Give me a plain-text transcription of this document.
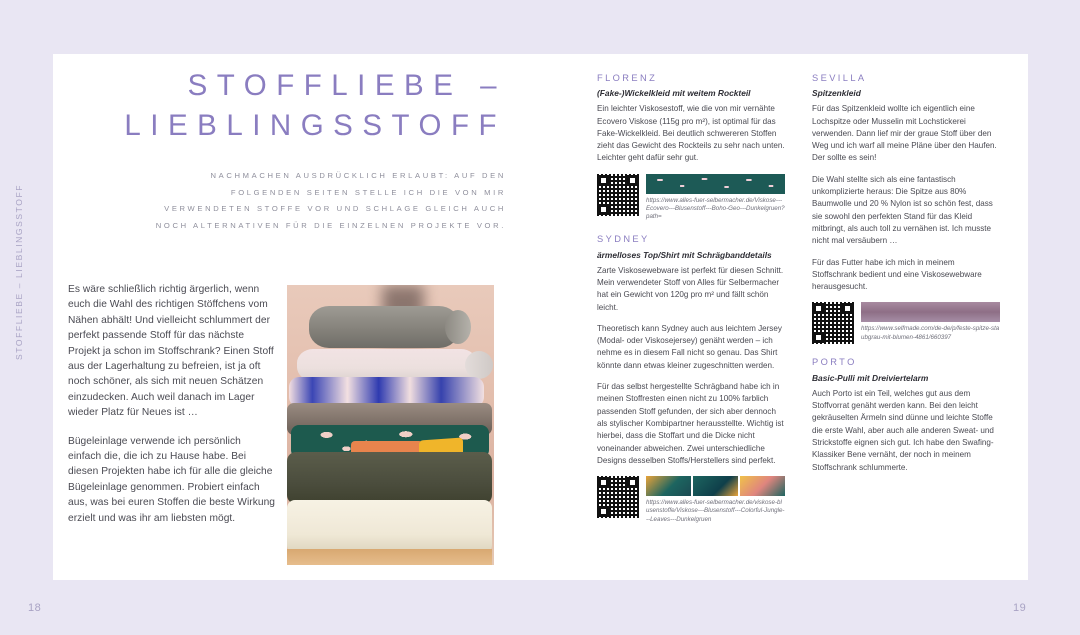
STOFFLIEBE – LIEBLINGSSTOFF
18	19
STOFFLIEBE –
LIEBLINGSSTOFF
NACHMACHEN AUSDRÜCKLICH ERLAUBT: AUF DEN FOLGENDEN SEITEN STELLE ICH DIE VON MIR VERWENDETEN STOFFE VOR UND SCHLAGE GLEICH AUCH NOCH ALTERNATIVEN FÜR DIE EINZELNEN PROJEKTE VOR.

Es wäre schließlich richtig ärgerlich, wenn euch die Wahl des richtigen Stöffchens vom Nähen abhält! Und vielleicht schlummert der perfekt passende Stoff für das nächste Projekt ja schon im Stoffschrank? Einen Stoff aus der Lagerhaltung zu befreien, ist ja oft noch schöner, als sich mit neuen Schätzen einzudecken. Auch weil danach im Lager wieder Platz für Neues ist …

Bügeleinlage verwende ich persönlich einfach die, die ich zu Hause habe. Bei diesen Projekten habe ich für alle die gleiche Bügeleinlage genommen. Probiert einfach aus, was bei euren Stoffen die beste Wirkung erzielt und was ihr am liebsten mögt.

FLORENZ
(Fake-)Wickelkleid mit weitem Rockteil

Ein leichter Viskosestoff, wie die von mir vernähte Ecovero Viskose (115g pro m²), ist optimal für das Fake-Wickelkleid. Bei deutlich schwereren Stoffen zieht das Gewicht des Rockteils zu sehr nach unten. Leichter geht dafür sehr gut.

https://www.alles-fuer-selbermacher.de/Viskose---Ecovero---Blusenstoff---Boho-Geo---Dunkelgruen?path=
SYDNEY
ärmelloses Top/Shirt mit Schrägbanddetails

Zarte Viskosewebware ist perfekt für diesen Schnitt. Mein verwendeter Stoff von Alles für Selbermacher hat ein Gewicht von 120g pro m² und fällt schön leicht.

Theoretisch kann Sydney auch aus leichtem Jersey (Modal- oder Viskosejersey) genäht werden – ich nehme es in diesem Fall nicht so genau. Das Shirt könnte dann etwas kleiner zugeschnitten werden.

Für das selbst hergestellte Schrägband habe ich in meinen Stoffresten einen nicht zu 100% farblich passenden Stoff gefunden, der sich aber dennoch als stylischer Kombipartner herausstellte. Wichtig ist hierbei, dass die Stoffart und die Dicke nicht voneinander abweichen. Zwei unterschiedliche Designs desselben Stoffs/Herstellers sind perfekt.

https://www.alles-fuer-selbermacher.de/viskose-blusenstoffe/Viskose---Blusenstoff---Colorful-Jungle---Leaves---Dunkelgruen
SEVILLA
Spitzenkleid

Für das Spitzenkleid wollte ich eigentlich eine Lochspitze oder Musselin mit Lochstickerei verwenden. Dann lief mir der graue Stoff über den Weg und ich warf all meine Pläne über den Haufen. Der sollte es sein!

Die Wahl stellte sich als eine fantastisch unkomplizierte heraus: Die Spitze aus 80% Baumwolle und 20 % Nylon ist so schön fest, dass sie sowohl den perfekten Stand für das Kleid mitbringt, als auch toll zu vernähen ist. Ich musste nicht mal versäubern …

Für das Futter habe ich mich in meinem Stoffschrank bedient und eine Viskosewebware herausgesucht.

https://www.selfmade.com/de-de/p/feste-spitze-staubgrau-mit-blumen-4861/660397
PORTO
Basic-Pulli mit Dreiviertelarm

Auch Porto ist ein Teil, welches gut aus dem Stoffvorrat genäht werden kann. Bei den leicht gekräuselten Ärmeln sind dünne und leichte Stoffe die erste Wahl, aber auch alle anderen Sweat- und Strickstoffe eignen sich gut. Ich habe den Swafing-Klassiker Bene vernäht, der noch in meinem Stoffschrank schlummerte.
